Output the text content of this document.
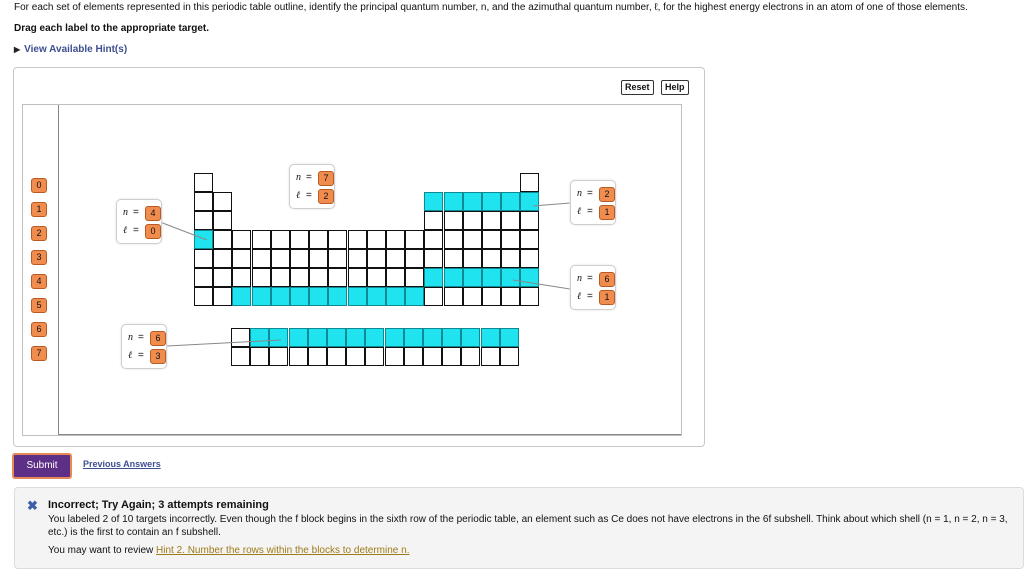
For each set of elements represented in this periodic table outline, identify the principal quantum number, n, and the azimuthal quantum number, ℓ, for the highest energy electrons in an atom of one of those elements.
Drag each label to the appropriate target.
▶ View Available Hint(s)
Reset	Help
0
1
2
3
4
5
6
7
n =	4
ℓ =	0
n =	7
ℓ =	2	n =	2
ℓ =	1
n =	6
ℓ =	1
n =	6
ℓ =	3
Submit	Previous Answers
✖ Incorrect; Try Again; 3 attempts remaining
You labeled 2 of 10 targets incorrectly. Even though the f block begins in the sixth row of the periodic table, an element such as Ce does not have electrons in the 6f subshell. Think about which shell (n = 1, n = 2, n = 3, etc.) is the first to contain an f subshell.
You may want to review Hint 2. Number the rows within the blocks to determine n.
